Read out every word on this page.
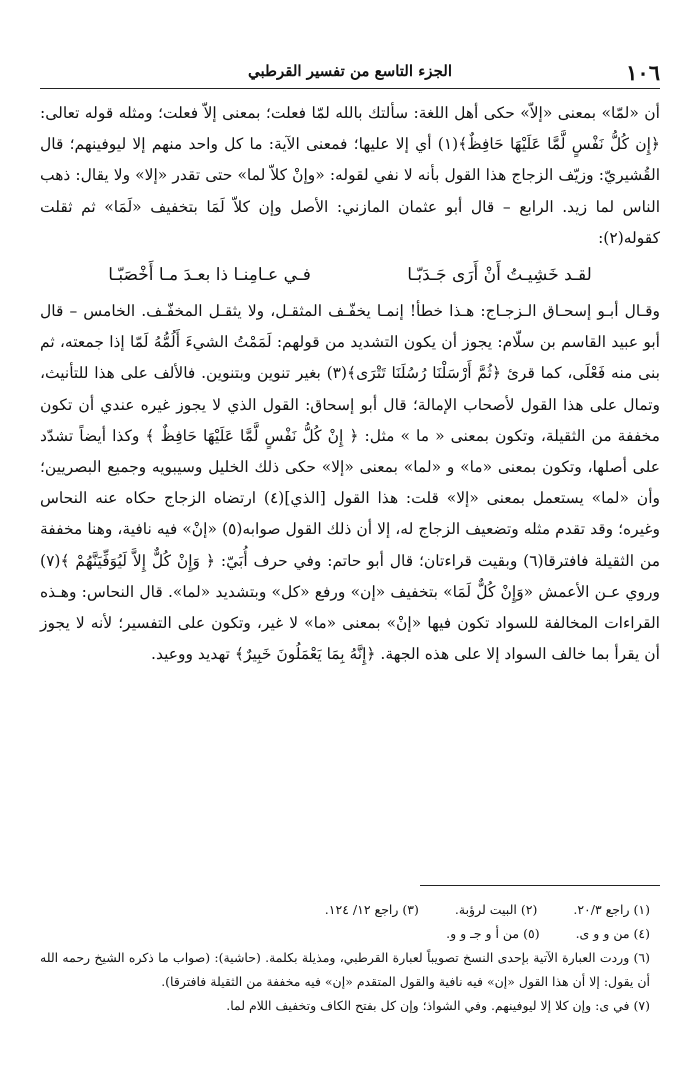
١٠٦
الجزء التاسع من تفسير القرطبي

أن «لمّا» بمعنى «إلاّ» حكى أهل اللغة: سألتك بالله لمّا فعلت؛ بمعنى إلاّ فعلت؛ ومثله قوله تعالى: ﴿إِن كُلُّ نَفْسٍ لَّمَّا عَلَيْهَا حَافِظٌ﴾(١) أي إلا عليها؛ فمعنى الآية: ما كل واحد منهم إلا ليوفينهم؛ قال القُشيريّ: وزيّف الزجاج هذا القول بأنه لا نفي لقوله: «وإنْ كلاّ لما» حتى تقدر «إلا» ولا يقال: ذهب الناس لما زيد. الرابع – قال أبو عثمان المازني: الأصل وإن كلاّ لَمَا بتخفيف «لَمَا» ثم ثقلت كقوله(٢):

لقـد خَشِيـتُ أَنْ أَرَى جَـدَبّـا
فـي عـامِنـا ذا بعـدَ مـا أَخْصَبّـا

وقـال أبـو إسحـاق الـزجـاج: هـذا خطأ! إنمـا يخفّـف المثقـل، ولا يثقـل المخفّـف. الخامس – قال أبو عبيد القاسم بن سلّام: يجوز أن يكون التشديد من قولهم: لَمَمْتُ الشيءَ أَلُمُّهُ لَمّا إذا جمعته، ثم بنى منه فَعْلَى، كما قرئ ﴿ثُمَّ أَرْسَلْنَا رُسُلَنَا تَتْرَى﴾(٣) بغير تنوين وبتنوين. فالألف على هذا للتأنيث، وتمال على هذا القول لأصحاب الإمالة؛ قال أبو إسحاق: القول الذي لا يجوز غيره عندي أن تكون مخففة من الثقيلة، وتكون بمعنى « ما » مثل: ﴿ إِنْ كُلُّ نَفْسٍ لَّمَّا عَلَيْهَا حَافِظٌ ﴾ وكذا أيضاً تشدّد على أصلها، وتكون بمعنى «ما» و «لما» بمعنى «إلا» حكى ذلك الخليل وسيبويه وجميع البصريين؛ وأن «لما» يستعمل بمعنى «إلا» قلت: هذا القول [الذي](٤) ارتضاه الزجاج حكاه عنه النحاس وغيره؛ وقد تقدم مثله وتضعيف الزجاج له، إلا أن ذلك القول صوابه(٥) «إنْ» فيه نافية، وهنا مخففة من الثقيلة فافترقا(٦) وبقيت قراءتان؛ قال أبو حاتم: وفي حرف أُبَيّ: ﴿ وَإِنْ كُلٌّ إِلاَّ لَيُوَفِّيَنَّهُمْ ﴾(٧) وروي عـن الأعمش «وَإِنْ كُلٌّ لَمَا» بتخفيف «إن» ورفع «كل» وبتشديد «لما». قال النحاس: وهـذه القراءات المخالفة للسواد تكون فيها «إنْ» بمعنى «ما» لا غير، وتكون على التفسير؛ لأنه لا يجوز أن يقرأ بما خالف السواد إلا على هذه الجهة. ﴿إِنَّهُ بِمَا يَعْمَلُونَ خَبِيرٌ﴾ تهديد ووعيد.

(١) راجع ٢٠/٣.
(٢) البيت لرؤبة.
(٣) راجع ١٢/ ١٢٤.
(٤) من و و ى.
(٥) من أ و جـ و و.

(٦) وردت العبارة الآتية بإحدى النسخ تصويباً لعبارة القرطبي، ومذيلة بكلمة. (حاشية): (صواب ما ذكره الشيخ رحمه الله أن يقول: إلا أن هذا القول «إن» فيه نافية والقول المتقدم «إن» فيه مخففة من الثقيلة فافترقا).

(٧) في ى: وإن كلا إلا ليوفينهم. وفي الشواذ؛ وإن كل بفتح الكاف وتخفيف اللام لما.
